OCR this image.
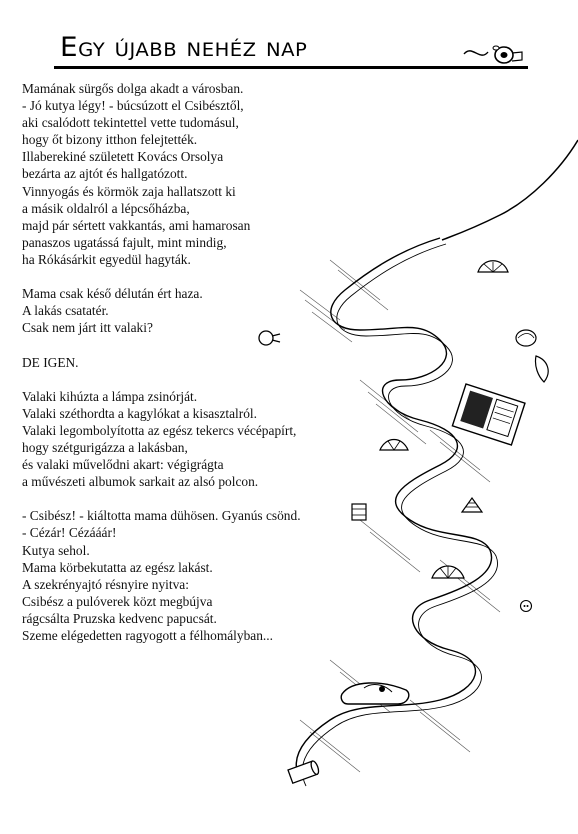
Egy újabb nehéz nap
Mamának sürgős dolga akadt a városban.
- Jó kutya légy! - búcsúzott el Csibésztől,
aki csalódott tekintettel vette tudomásul,
hogy őt bizony itthon felejtették.
Illaberekiné született Kovács Orsolya
bezárta az ajtót és hallgatózott.
Vinnyogás és körmök zaja hallatszott ki
a másik oldalról a lépcsőházba,
majd pár sértett vakkantás, ami hamarosan
panaszos ugatássá fajult, mint mindig,
ha Rókásárkit egyedül hagyták.
Mama csak késő délután ért haza.
A lakás csatatér.
Csak nem járt itt valaki?
DE IGEN.
Valaki kihúzta a lámpa zsinórját.
Valaki széthordta a kagylókat a kisasztalról.
Valaki legombolyította az egész tekercs vécépapírt,
hogy szétgurigázza a lakásban,
és valaki művelődni akart: végigrágta
a művészeti albumok sarkait az alsó polcon.
- Csibész! - kiáltotta mama dühösen. Gyanús csönd.
- Cézár! Cézááár!
Kutya sehol.
Mama körbekutatta az egész lakást.
A szekrényajtó résnyire nyitva:
Csibész a pulóverek közt megbújva
rágcsálta Pruzska kedvenc papucsát.
Szeme elégedetten ragyogott a félhomályban...
